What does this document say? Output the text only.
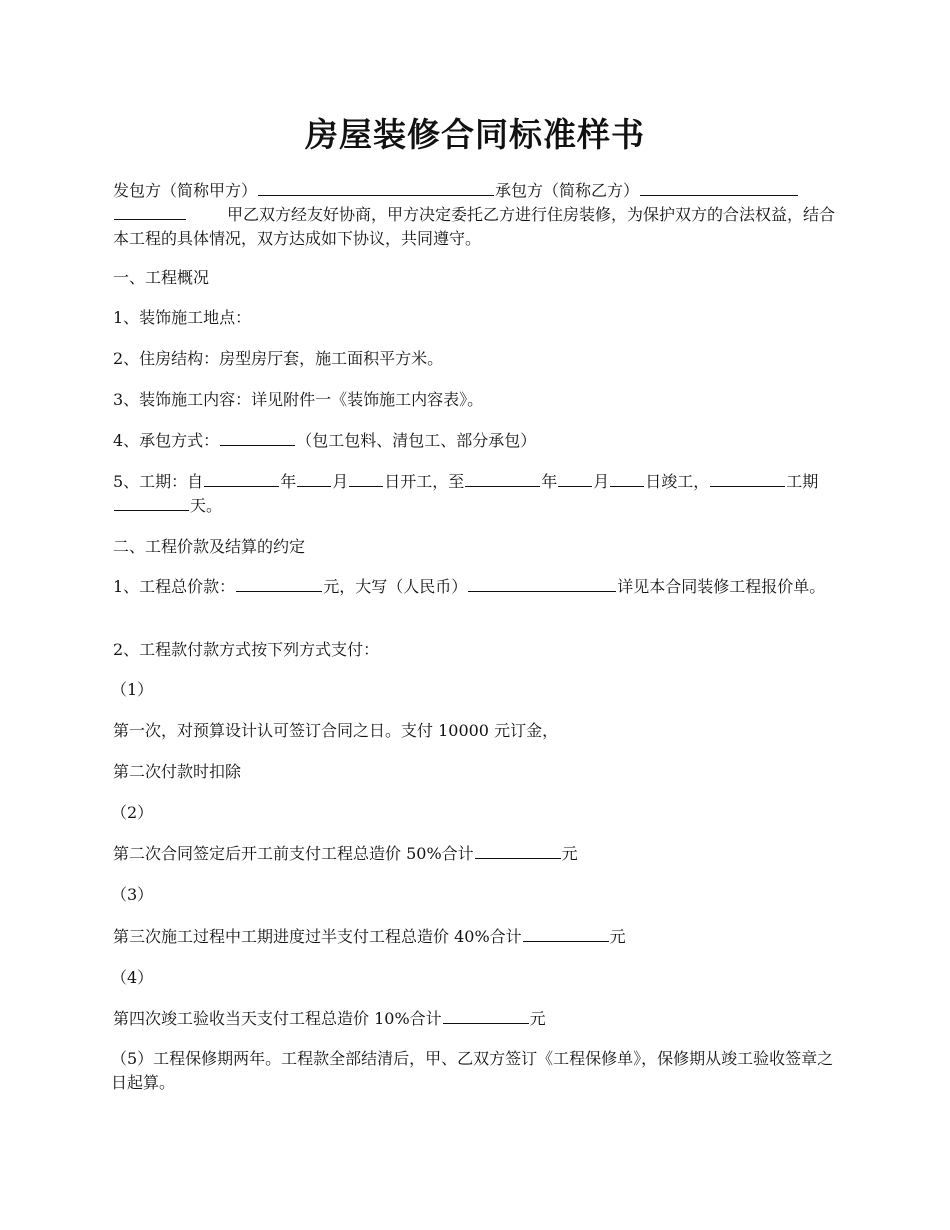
房屋装修合同标准样书

发包方（简称甲方）	承包方（简称乙方）甲乙双方经友好协商，甲方决定委托乙方进行住房装修，为保护双方的合法权益，结合本工程的具体情况，双方达成如下协议，共同遵守。

一、工程概况

1、装饰施工地点：

2、住房结构：房型房厅套，施工面积平方米。

3、装饰施工内容：详见附件一《装饰施工内容表》。

4、承包方式：	（包工包料、清包工、部分承包）

5、工期：自	年 月 日开工，至	年 月 日竣工，	工期天。

二、工程价款及结算的约定

1、工程总价款：	元，大写（人民币）	详见本合同装修工程报价单。

2、工程款付款方式按下列方式支付：

（1）

第一次，对预算设计认可签订合同之日。支付 10000 元订金，

第二次付款时扣除

（2）

第二次合同签定后开工前支付工程总造价 50%合计	元

（3）

第三次施工过程中工期进度过半支付工程总造价 40%合计	元

（4）

第四次竣工验收当天支付工程总造价 10%合计	元

（5）工程保修期两年。工程款全部结清后，甲、乙双方签订《工程保修单》，保修期从竣工验收签章之日起算。
